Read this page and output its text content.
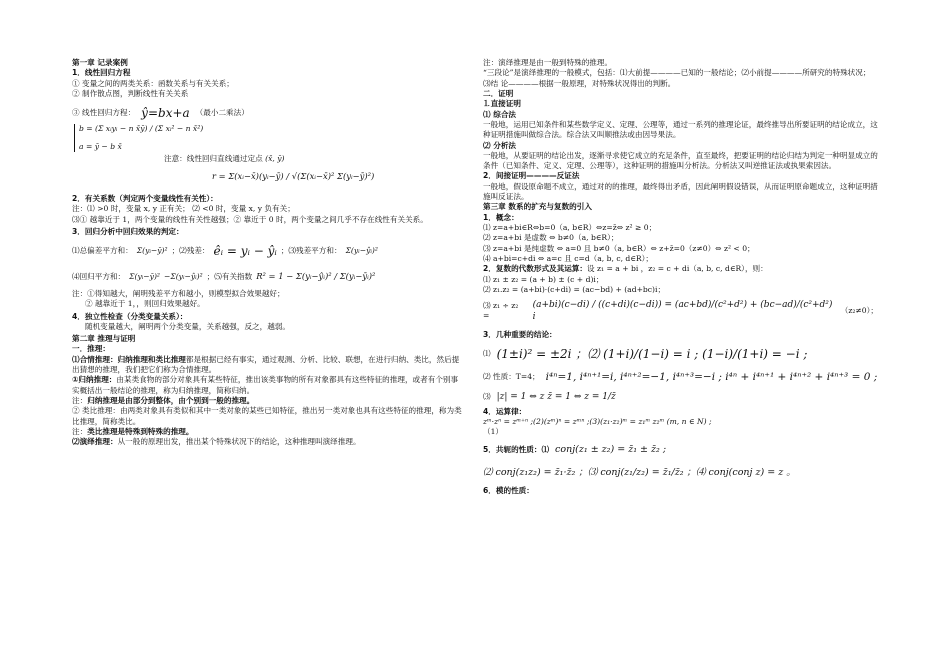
第一章 记录案例
1．线性回归方程
① 变量之间的两类关系：函数关系与有关关系；
② 制作散点图，判断线性有关关系
③ 线性回归方程： ŷ=bx+a （最小二乘法）
b = (Σ xᵢyᵢ − n x̄ȳ) / (Σ xᵢ² − n x̄²)
a = ȳ − b x̄
注意：线性回归直线通过定点 (x̄, ȳ)
r = Σ(xᵢ−x̄)(yᵢ−ȳ) / √(Σ(xᵢ−x̄)² Σ(yᵢ−ȳ)²)
2．有关系数（判定两个变量线性有关性）：
注：⑴ >0 时，变量 x, y 正有关； ⑵ <0 时，变量 x, y 负有关；
⑶① 越靠近于 1，两个变量的线性有关性越强；② 靠近于 0 时，两个变量之间几乎不存在线性有关关系。
3．回归分析中回归效果的判定：
⑴总偏差平方和： Σ(yᵢ−ȳ)² ；⑵残差： êᵢ = yᵢ − ŷᵢ ；⑶残差平方和： Σ(yᵢ−ŷᵢ)²
⑷回归平方和： Σ(yᵢ−ȳ)² −Σ(yᵢ−ŷᵢ)² ；⑸有关指数 R² = 1 − Σ(yᵢ−ŷᵢ)² / Σ(yᵢ−ȳᵢ)²
注：①得知越大，阐明残差平方和越小，则模型拟合效果越好；
② 越靠近于 1，，则回归效果越好。
4．独立性检查（分类变量关系）：
随机变量越大，阐明两个分类变量，关系越强，反之，越弱。
第二章 推理与证明
一．推理：
⑴合情推理：归纳推理和类比推理都是根据已经有事实，通过观测、分析、比较、联想，在进行归纳、类比，然后提出猜想的推理，我们把它们称为合情推理。
①归纳推理：由某类食物的部分对象具有某些特征，推出该类事物的所有对象都具有这些特征的推理，或者有个别事实概括出一般结论的推理，称为归纳推理，简称归纳。
注：归纳推理是由部分到整体，由个别到一般的推理。
② 类比推理：由两类对象具有类似和其中一类对象的某些已知特征，推出另一类对象也具有这些特征的推理，称为类比推理，简称类比。
注：类比推理是特殊到特殊的推理。
⑵演绎推理：从一般的原理出发，推出某个特殊状况下的结论，这种推理叫演绎推理。
注：演绎推理是由一般到特殊的推理。
“三段论”是演绎推理的一般模式，包括：⑴大前提————已知的一般结论；⑵小前提————所研究的特殊状况；⑶结 论————根据一般原理，对特殊状况得出的判断。
二．证明
⒈直接证明
⑴ 综合法
一般地，运用已知条件和某些数学定义、定理、公理等，通过一系列的推理论证，最终推导出所要证明的结论成立，这种证明措施叫做综合法。综合法又叫顺推法或由因导果法。
⑵ 分析法
一般地，从要证明的结论出发，逐渐寻求使它成立的充足条件，直至最终，把要证明的结论归结为判定一种明显成立的条件（已知条件、定义、定理、公理等），这种证明的措施叫分析法。分析法又叫逆推证法或执果索因法。
2．间接证明————反证法
一般地，假设原命题不成立，通过对的的推理，最终得出矛盾，因此阐明假设错误，从而证明原命题成立，这种证明措施叫反证法。
第三章 数系的扩充与复数的引入
1．概念：
⑴ z=a+bi∈R⇔b=0（a, b∈R）⇔z=z̄⇔ z² ≥ 0；
⑵ z=a+bi 是虚数 ⇔ b≠0（a, b∈R）；
⑶ z=a+bi 是纯虚数 ⇔ a=0 且 b≠0（a, b∈R）⇔ z+z̄=0（z≠0）⇔ z² < 0；
⑷ a+bi=c+di ⇔ a=c 且 c=d（a, b, c, d∈R）；
2．复数的代数形式及其运算：设 z₁ = a + bi ，z₂ = c + di（a, b, c, d∈R），则：
⑴ z₁ ± z₂ = (a + b) ± (c + d)i；
⑵ z₁.z₂ = (a+bi)·(c+di) = (ac−bd) + (ad+bc)i；
⑶ z₁ ÷ z₂ =
(a+bi)(c−di) / ((c+di)(c−di)) = (ac+bd)/(c²+d²) + (bc−ad)/(c²+d²) i
（z₂≠0）；
3．几种重要的结论：
⑴ (1±i)² = ±2i ；⑵ (1+i)/(1−i) = i ; (1−i)/(1+i) = −i ;
⑵ 性质：T=4； i⁴ⁿ=1, i⁴ⁿ⁺¹=i, i⁴ⁿ⁺²=−1, i⁴ⁿ⁺³=−i ; i⁴ⁿ + i⁴ⁿ⁺¹ + i⁴ⁿ⁺² + i⁴ⁿ⁺³ = 0 ;
⑶ |z| = 1 ⇔ z z̄ = 1 ⇔ z = 1/z̄
4．运算律：
zᵐ·zⁿ = zᵐ⁺ⁿ ;(2)(zᵐ)ⁿ = zᵐⁿ ;(3)(z₁·z₂)ᵐ = z₁ᵐ z₂ᵐ (m, n ∈ N) ;
（1）
5．共轭的性质：⑴ conj(z₁ ± z₂) = z̄₁ ± z̄₂ ;
⑵ conj(z₁z₂) = z̄₁·z̄₂ ；⑶ conj(z₁/z₂) = z̄₁/z̄₂ ；⑷ conj(conj z) = z 。
6．模的性质：
